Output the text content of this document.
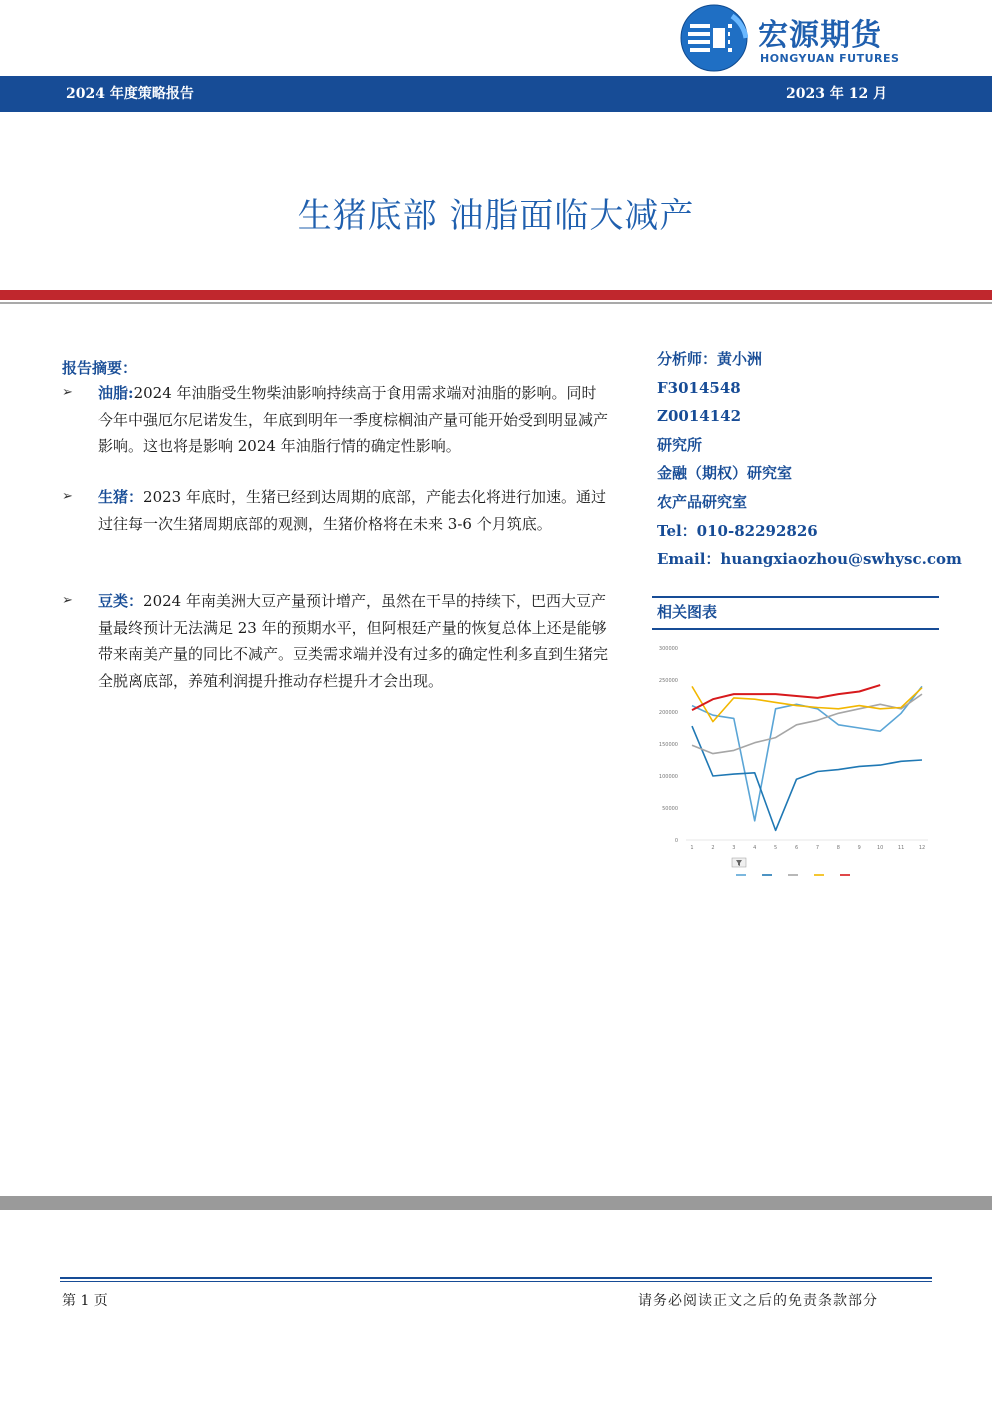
宏源期货
HONGYUAN FUTURES
2024 年度策略报告	2023 年 12 月
生猪底部 油脂面临大减产
报告摘要：
➢ 油脂:2024 年油脂受生物柴油影响持续高于食用需求端对油脂的影响。同时今年中强厄尔尼诺发生，年底到明年一季度棕榈油产量可能开始受到明显减产影响。这也将是影响 2024 年油脂行情的确定性影响。
➢ 生猪：2023 年底时，生猪已经到达周期的底部，产能去化将进行加速。通过过往每一次生猪周期底部的观测，生猪价格将在未来 3-6 个月筑底。
➢ 豆类：2024 年南美洲大豆产量预计增产，虽然在干旱的持续下，巴西大豆产量最终预计无法满足 23 年的预期水平，但阿根廷产量的恢复总体上还是能够带来南美产量的同比不减产。豆类需求端并没有过多的确定性利多直到生猪完全脱离底部，养殖利润提升推动存栏提升才会出现。
分析师：黄小洲
F3014548
Z0014142
研究所
金融（期权）研究室
农产品研究室
Tel：010-82292826
Email：huangxiaozhou@swhysc.com
相关图表
0
50000
100000
150000
200000
250000
300000
1	2	3	4	5	6	7	8	9	10	11	12
第 1 页	请务必阅读正文之后的免责条款部分
